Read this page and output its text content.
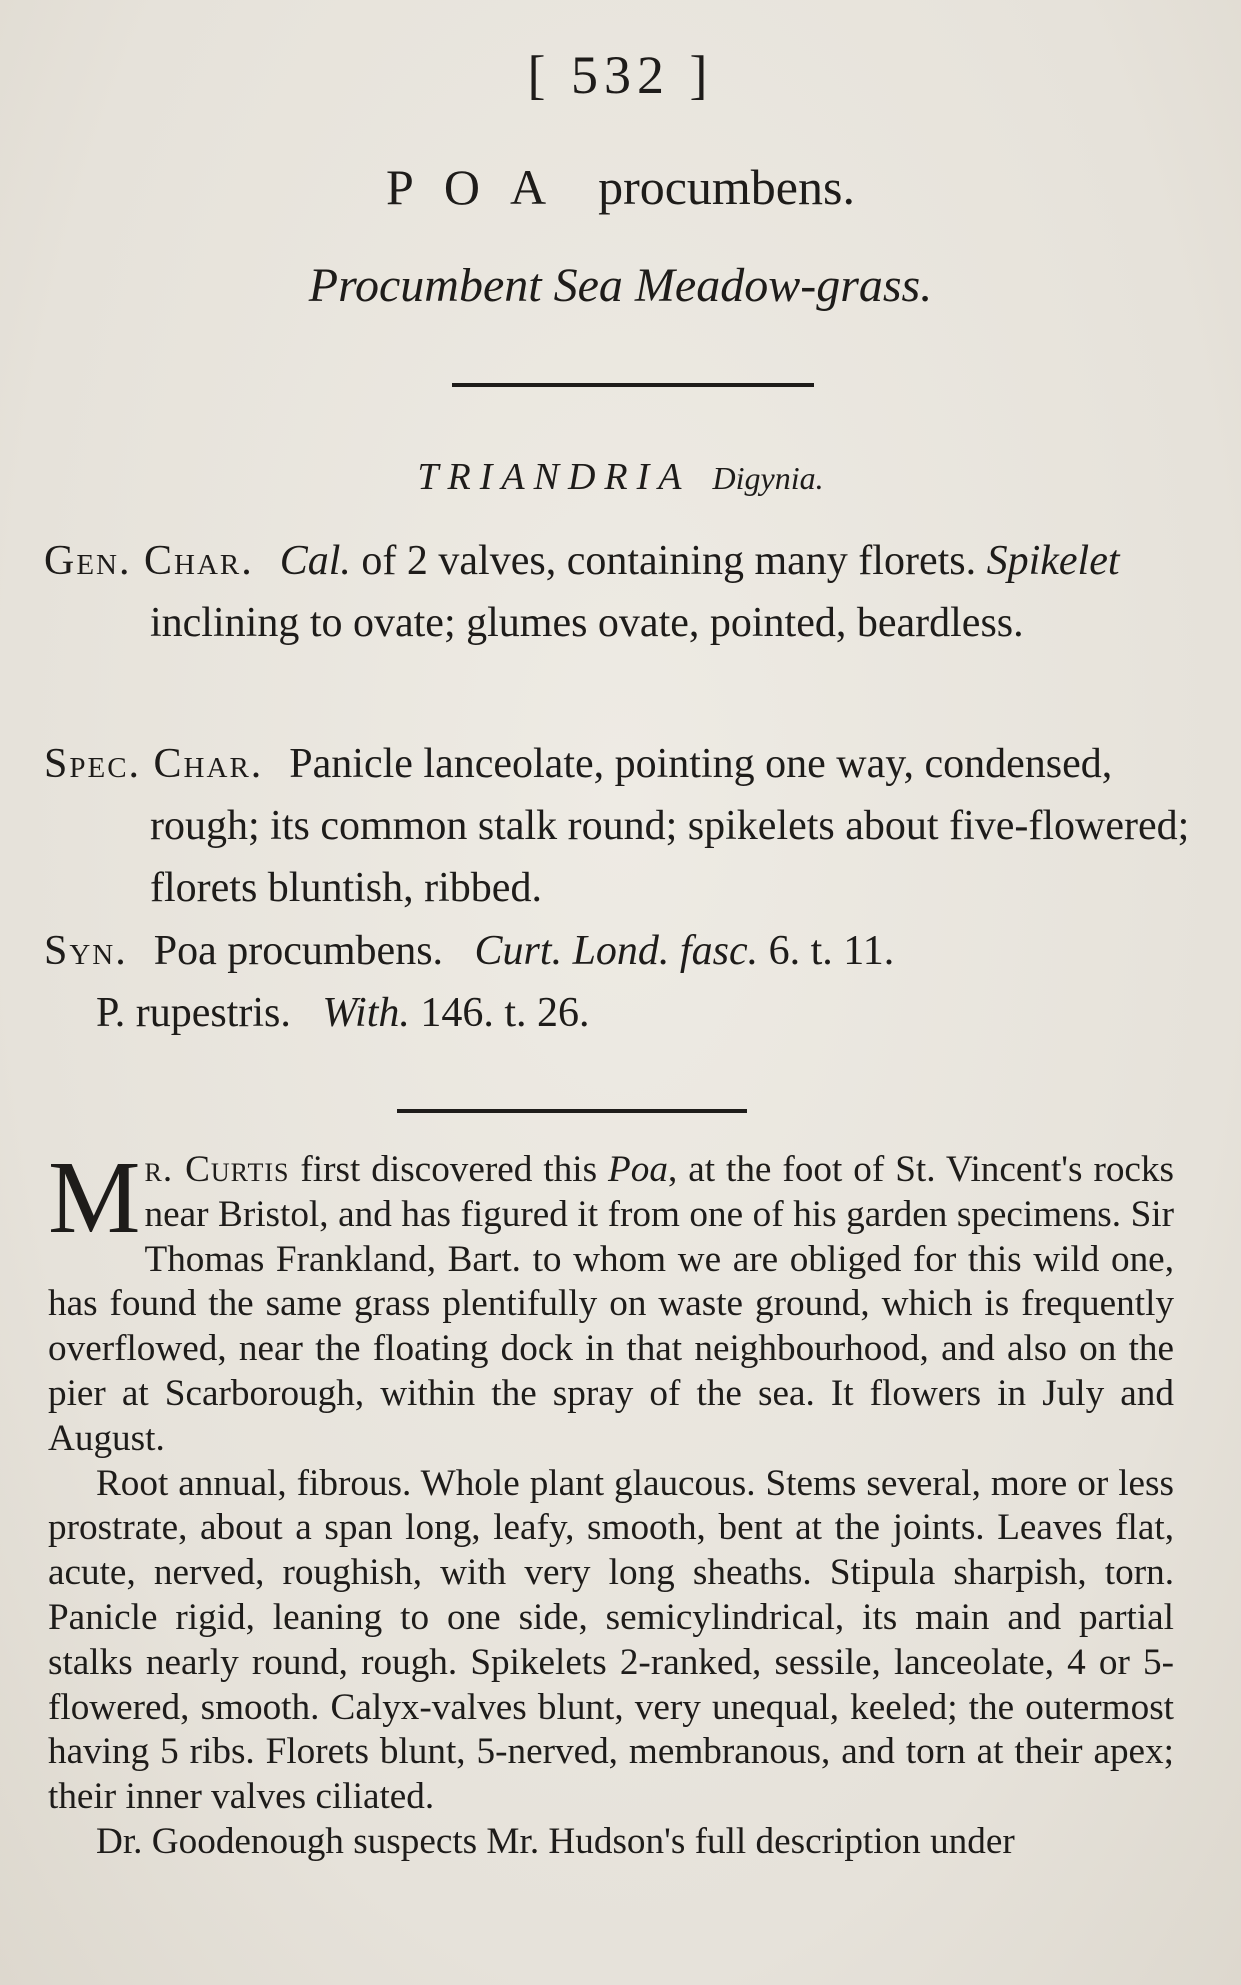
[ 532 ]
POA procumbens.
Procumbent Sea Meadow-grass.
TRIANDRIA Digynia.
Gen. Char. Cal. of 2 valves, containing many florets. Spikelet inclining to ovate; glumes ovate, pointed, beardless.
Spec. Char. Panicle lanceolate, pointing one way, condensed, rough; its common stalk round; spikelets about five-flowered; florets bluntish, ribbed.
Syn. Poa procumbens. Curt. Lond. fasc. 6. t. 11.
P. rupestris. With. 146. t. 26.

Mr. Curtis first discovered this Poa, at the foot of St. Vincent's rocks near Bristol, and has figured it from one of his garden specimens. Sir Thomas Frankland, Bart. to whom we are obliged for this wild one, has found the same grass plentifully on waste ground, which is frequently overflowed, near the floating dock in that neighbourhood, and also on the pier at Scarborough, within the spray of the sea. It flowers in July and August.

Root annual, fibrous. Whole plant glaucous. Stems several, more or less prostrate, about a span long, leafy, smooth, bent at the joints. Leaves flat, acute, nerved, roughish, with very long sheaths. Stipula sharpish, torn. Panicle rigid, leaning to one side, semicylindrical, its main and partial stalks nearly round, rough. Spikelets 2-ranked, sessile, lanceolate, 4 or 5-flowered, smooth. Calyx-valves blunt, very unequal, keeled; the outermost having 5 ribs. Florets blunt, 5-nerved, membranous, and torn at their apex; their inner valves ciliated.

Dr. Goodenough suspects Mr. Hudson's full description under
